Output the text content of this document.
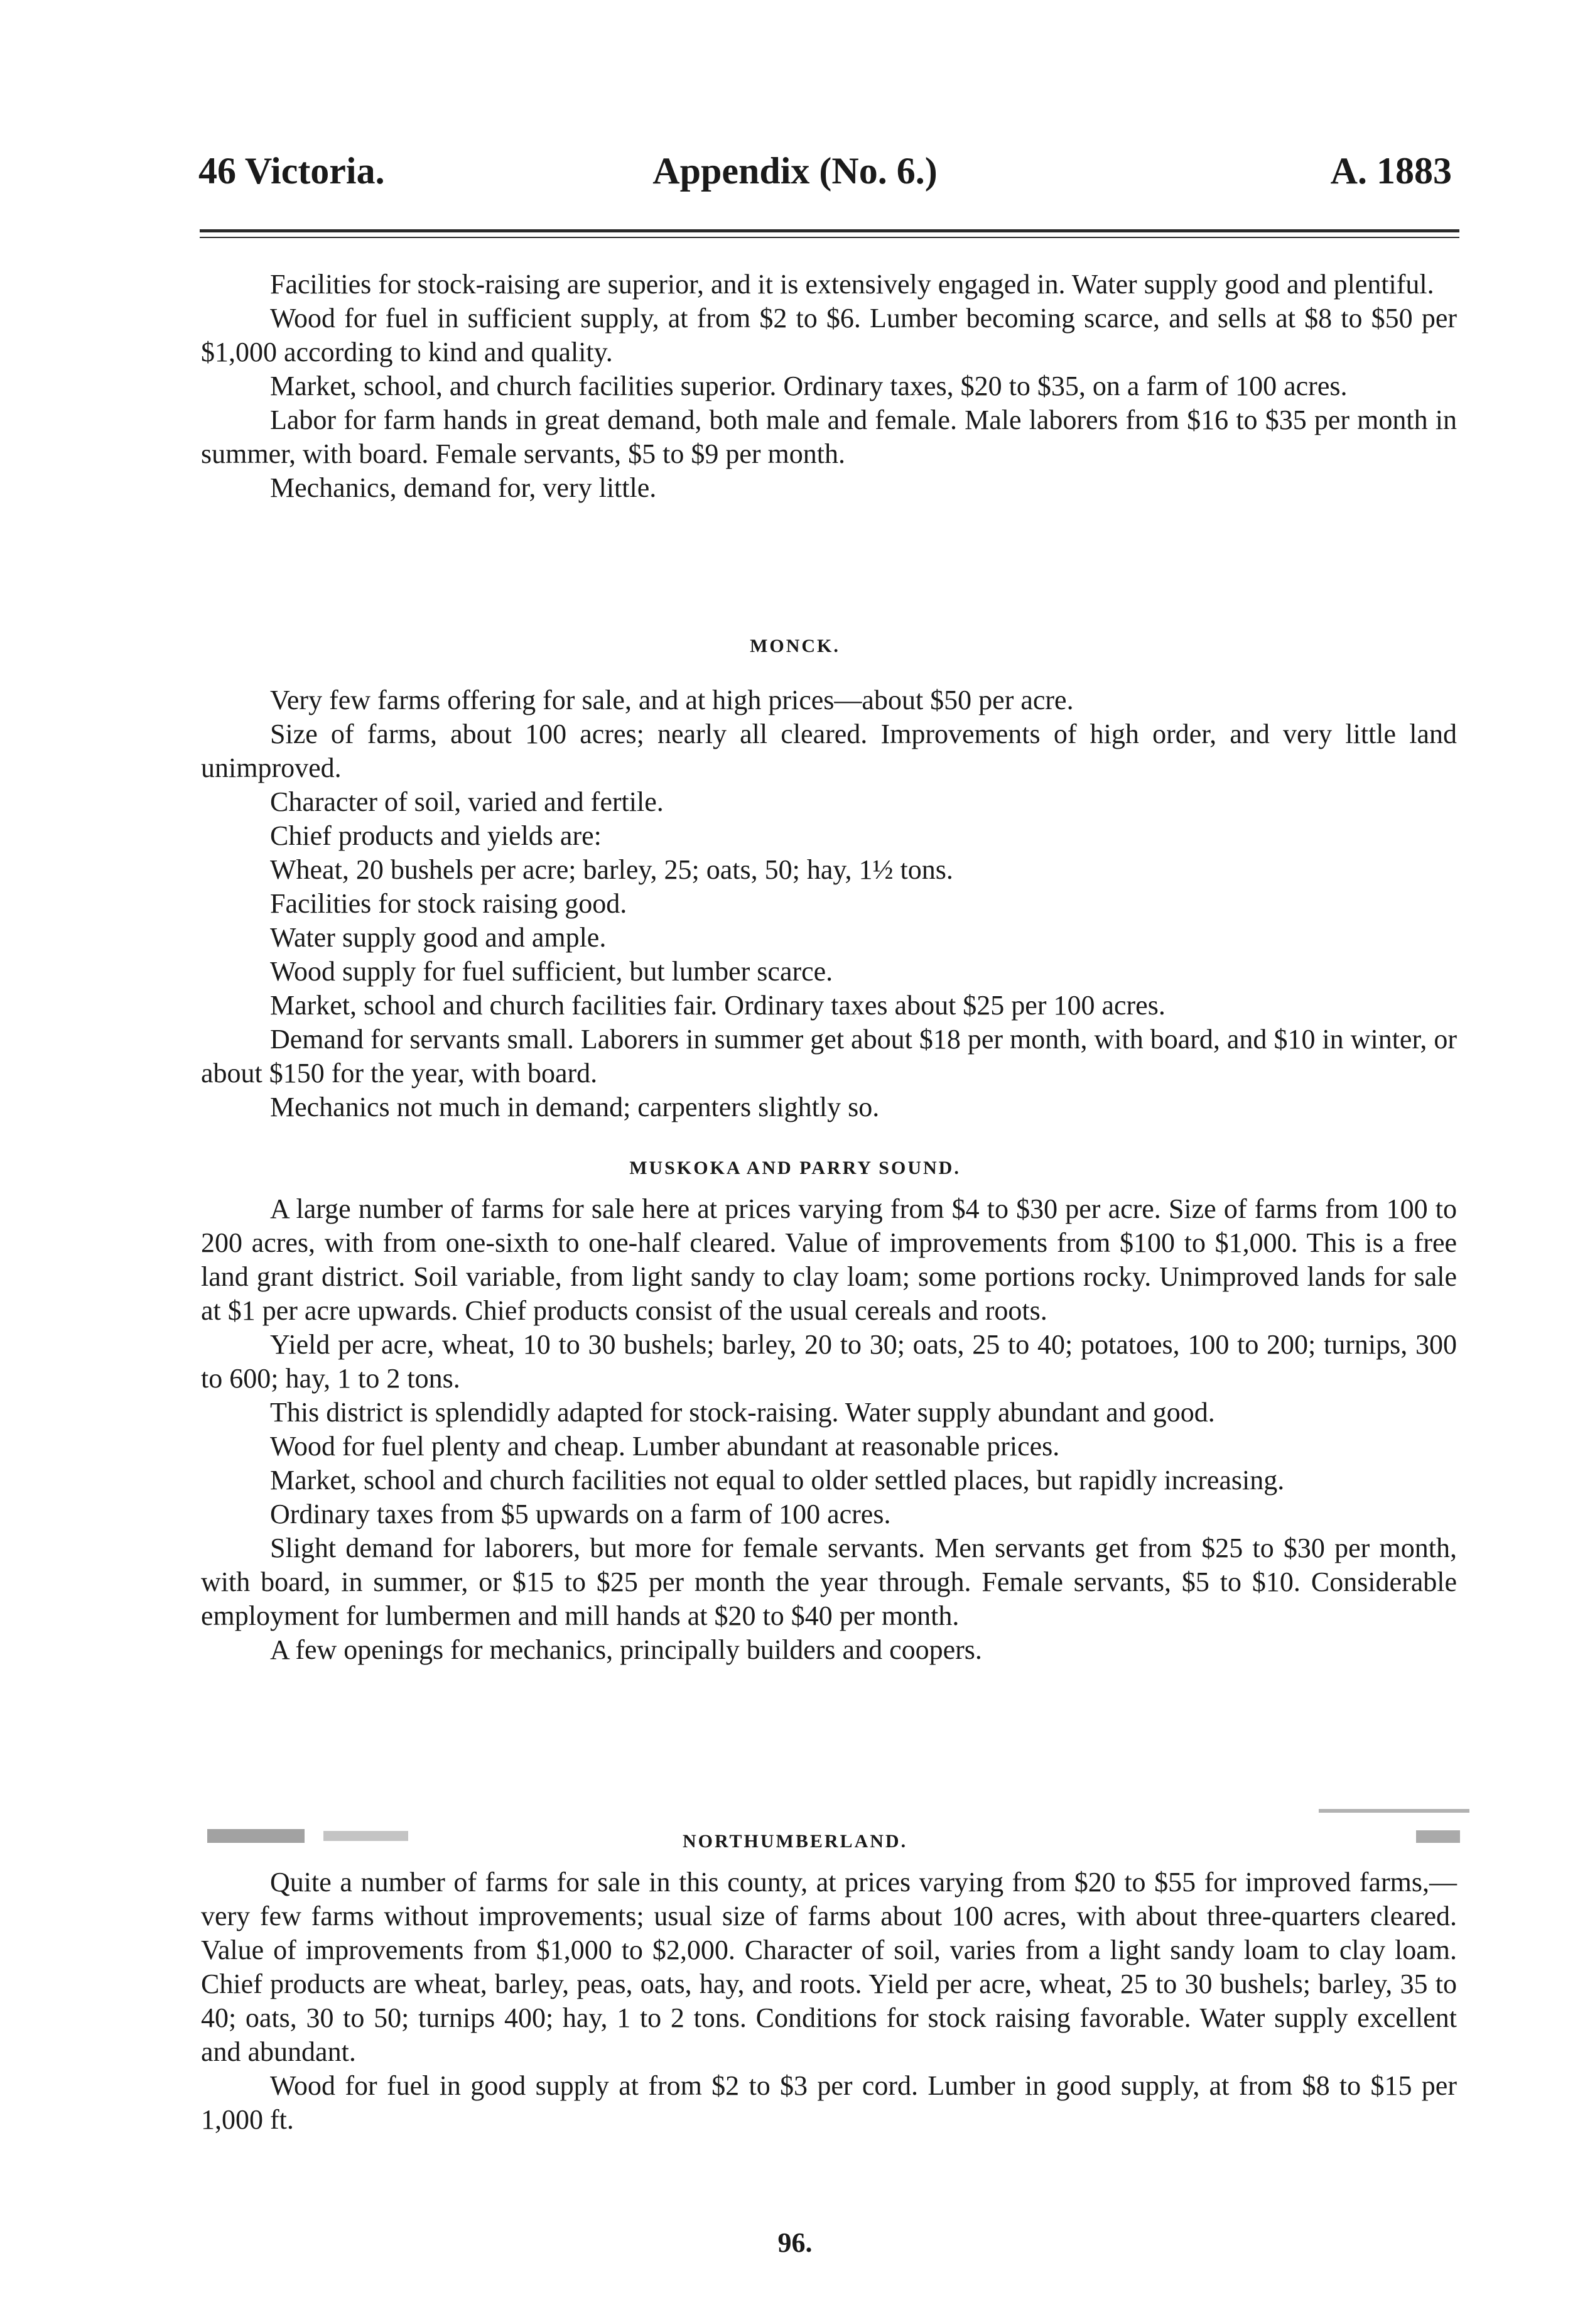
46 Victoria.	Appendix (No. 6.)	A. 1883

Facilities for stock-raising are superior, and it is extensively engaged in. Water supply good and plentiful.

Wood for fuel in sufficient supply, at from $2 to $6. Lumber becoming scarce, and sells at $8 to $50 per $1,000 according to kind and quality.

Market, school, and church facilities superior. Ordinary taxes, $20 to $35, on a farm of 100 acres.

Labor for farm hands in great demand, both male and female. Male laborers from $16 to $35 per month in summer, with board. Female servants, $5 to $9 per month.

Mechanics, demand for, very little.

MONCK.

Very few farms offering for sale, and at high prices—about $50 per acre.

Size of farms, about 100 acres; nearly all cleared. Improvements of high order, and very little land unimproved.

Character of soil, varied and fertile.

Chief products and yields are:

Wheat, 20 bushels per acre; barley, 25; oats, 50; hay, 1½ tons.

Facilities for stock raising good.

Water supply good and ample.

Wood supply for fuel sufficient, but lumber scarce.

Market, school and church facilities fair. Ordinary taxes about $25 per 100 acres.

Demand for servants small. Laborers in summer get about $18 per month, with board, and $10 in winter, or about $150 for the year, with board.

Mechanics not much in demand; carpenters slightly so.

MUSKOKA AND PARRY SOUND.

A large number of farms for sale here at prices varying from $4 to $30 per acre. Size of farms from 100 to 200 acres, with from one-sixth to one-half cleared. Value of improvements from $100 to $1,000. This is a free land grant district. Soil variable, from light sandy to clay loam; some portions rocky. Unimproved lands for sale at $1 per acre upwards. Chief products consist of the usual cereals and roots.

Yield per acre, wheat, 10 to 30 bushels; barley, 20 to 30; oats, 25 to 40; potatoes, 100 to 200; turnips, 300 to 600; hay, 1 to 2 tons.

This district is splendidly adapted for stock-raising. Water supply abundant and good.

Wood for fuel plenty and cheap. Lumber abundant at reasonable prices.

Market, school and church facilities not equal to older settled places, but rapidly increasing.

Ordinary taxes from $5 upwards on a farm of 100 acres.

Slight demand for laborers, but more for female servants. Men servants get from $25 to $30 per month, with board, in summer, or $15 to $25 per month the year through. Female servants, $5 to $10. Considerable employment for lumbermen and mill hands at $20 to $40 per month.

A few openings for mechanics, principally builders and coopers.

NORTHUMBERLAND.

Quite a number of farms for sale in this county, at prices varying from $20 to $55 for improved farms,—very few farms without improvements; usual size of farms about 100 acres, with about three-quarters cleared. Value of improvements from $1,000 to $2,000. Character of soil, varies from a light sandy loam to clay loam. Chief products are wheat, barley, peas, oats, hay, and roots. Yield per acre, wheat, 25 to 30 bushels; barley, 35 to 40; oats, 30 to 50; turnips 400; hay, 1 to 2 tons. Conditions for stock raising favorable. Water supply excellent and abundant.

Wood for fuel in good supply at from $2 to $3 per cord. Lumber in good supply, at from $8 to $15 per 1,000 ft.

96.
